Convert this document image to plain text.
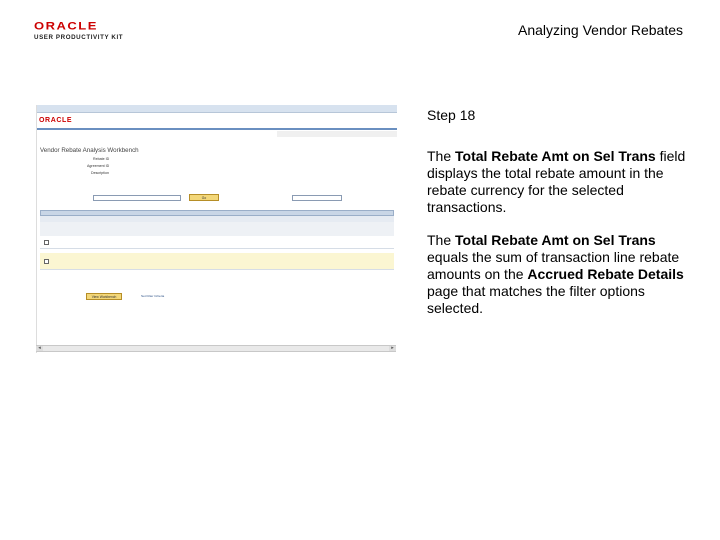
ORACLE
USER PRODUCTIVITY KIT	Analyzing Vendor Rebates
ORACLE
Vendor Rebate Analysis Workbench
Rebate ID
Agreement ID
Description
Go
View Workbench	Set Filter Criteria
◂	▸
Step 18
The Total Rebate Amt on Sel Trans field displays the total rebate amount in the rebate currency for the selected transactions.
The Total Rebate Amt on Sel Trans equals the sum of transaction line rebate amounts on the Accrued Rebate Details page that matches the filter options selected.
